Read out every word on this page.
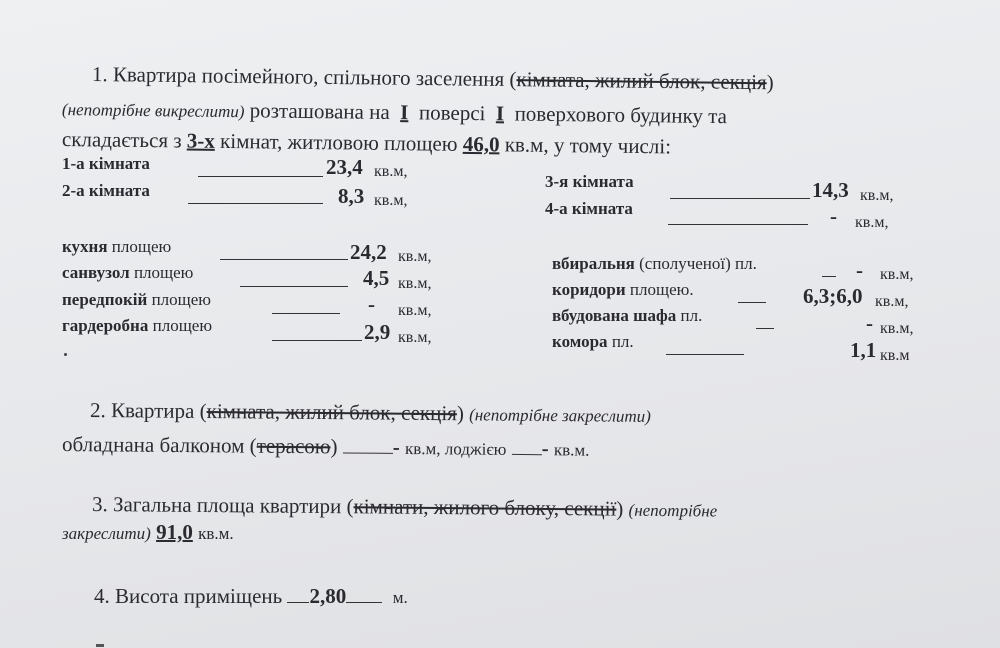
1. Квартира посімейного, спільного заселення (кімната, жилий блок, секція)
(непотрібне викреслити) розташована на I поверсі I поверхового будинку та
складається з 3-х кімнат, житловою площею 46,0 кв.м, у тому числі:
1-а кімната	23,4 кв.м,
2-а кімната	8,3 кв.м,
3-я кімната	14,3 кв.м,
4-а кімната	- кв.м,
кухня площею	24,2 кв.м,
санвузол площею	4,5 кв.м,
передпокій площею	- кв.м,
гардеробна площею	2,9 кв.м,
вбиральня (сполученої) пл.	- кв.м,
коридори площею.	6,3;6,0 кв.м,
вбудована шафа пл.	- кв.м,
комора пл.	1,1 кв.м
2. Квартира (кімната, жилий блок, секція) (непотрібне закреслити)
обладнана балконом (терасою)	- кв.м, лоджією - кв.м.
3. Загальна площа квартири (кімнати, жилого блоку, секції) (непотрібне
закреслити) 91,0 кв.м.
4. Висота приміщень 2,80	м.
